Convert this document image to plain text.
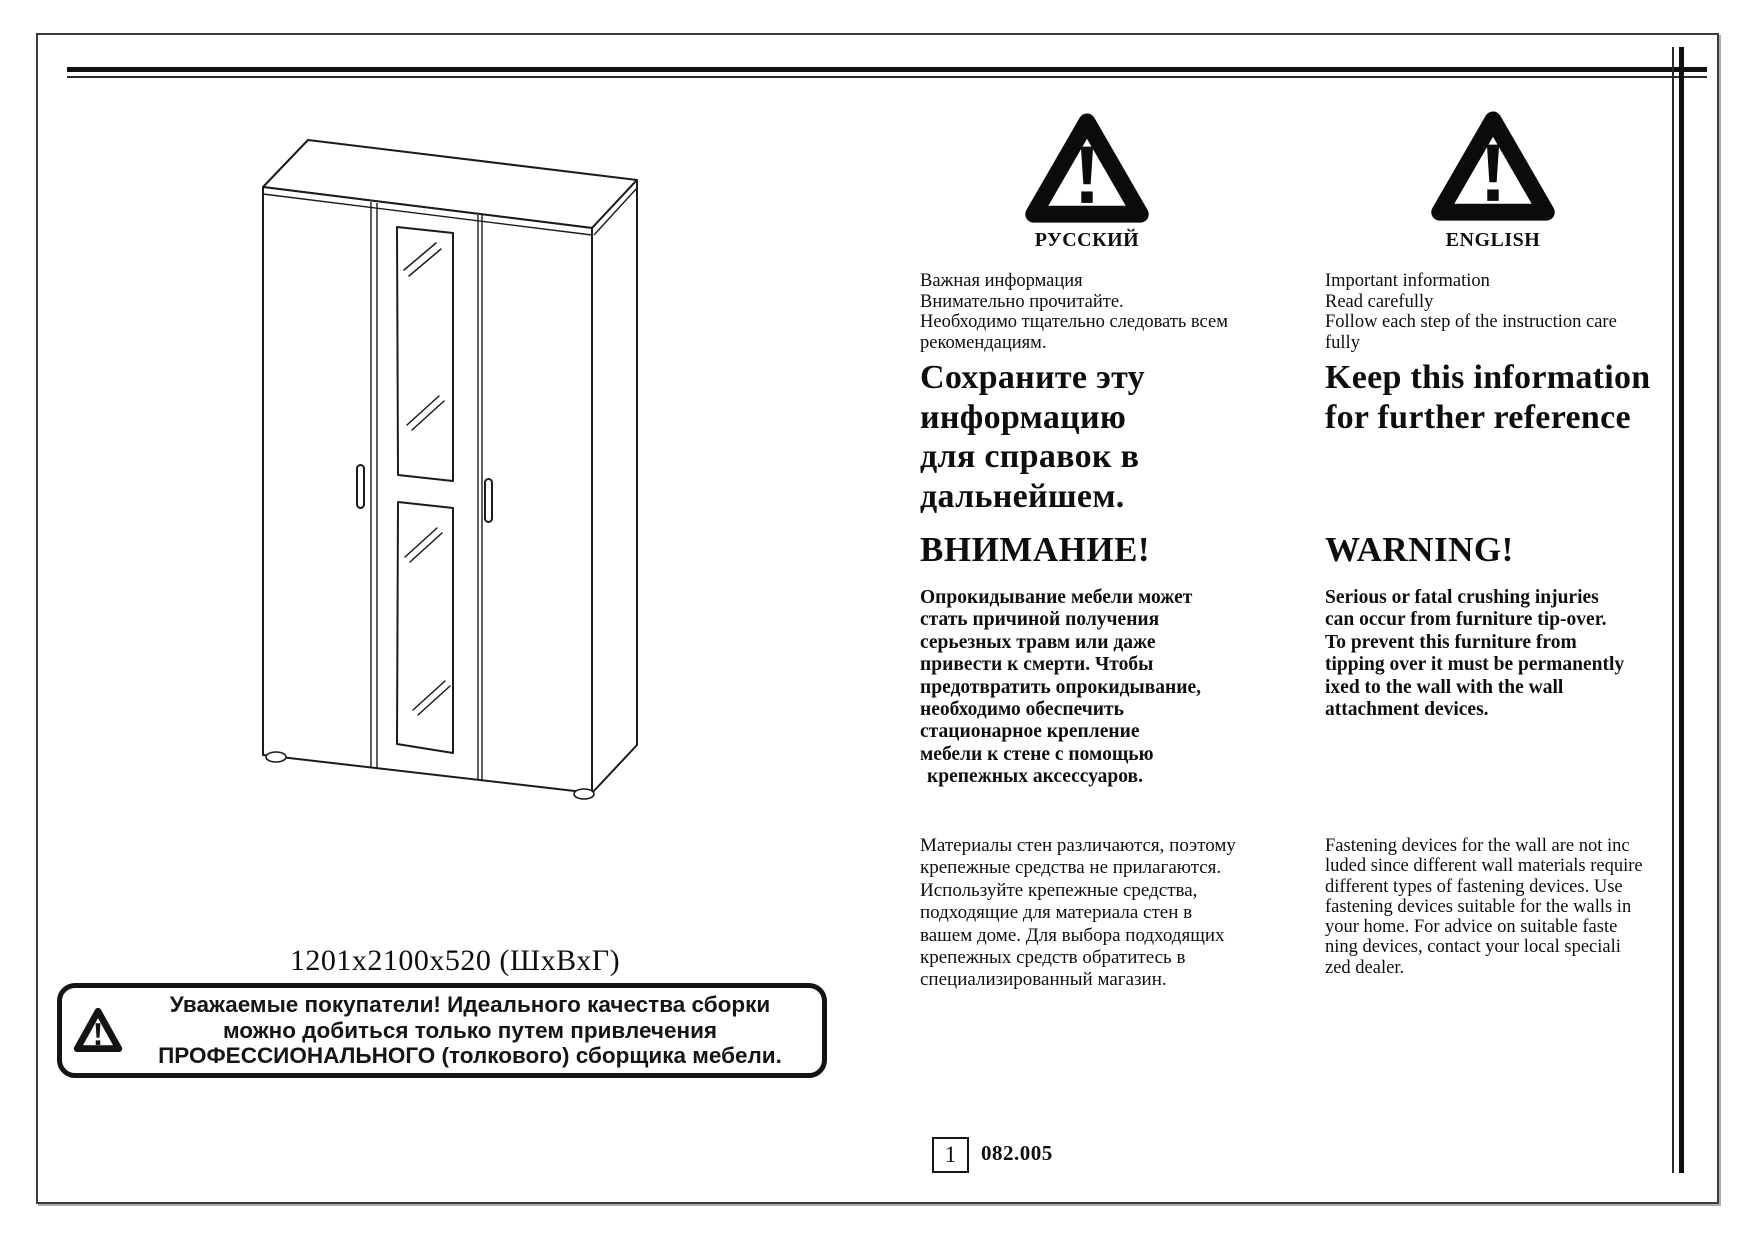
1201x2100x520 (ШхВхГ)
Уважаемые покупатели! Идеального качества сборки
можно добиться только путем привлечения
ПРОФЕССИОНАЛЬНОГО (толкового) сборщика мебели.
РУССКИЙ
Важная информация
Внимательно прочитайте.
Необходимо тщательно следовать всем
рекомендациям.
Сохраните эту
информацию
для справок в
дальнейшем.
ВНИМАНИЕ!
Опрокидывание мебели может
стать причиной получения
серьезных травм или даже
привести к смерти. Чтобы
предотвратить опрокидывание,
необходимо обеспечить
стационарное крепление
мебели к стене с помощью
крепежных аксессуаров.
Материалы стен различаются, поэтому
крепежные средства не прилагаются.
Используйте крепежные средства,
подходящие для материала стен в
вашем доме. Для выбора подходящих
крепежных средств обратитесь в
специализированный магазин.
ENGLISH
Important information
Read carefully
Follow each step of the instruction care
fully
Keep this information
for further reference
WARNING!
Serious or fatal crushing injuries
can occur from furniture tip-over.
To prevent this furniture from
tipping over it must be permanently
ixed to the wall with the wall
attachment devices.
Fastening devices for the wall are not inc
luded since different wall materials require
different types of fastening devices. Use
fastening devices suitable for the walls in
your home. For advice on suitable faste
ning devices, contact your local speciali
zed dealer.
1	082.005
